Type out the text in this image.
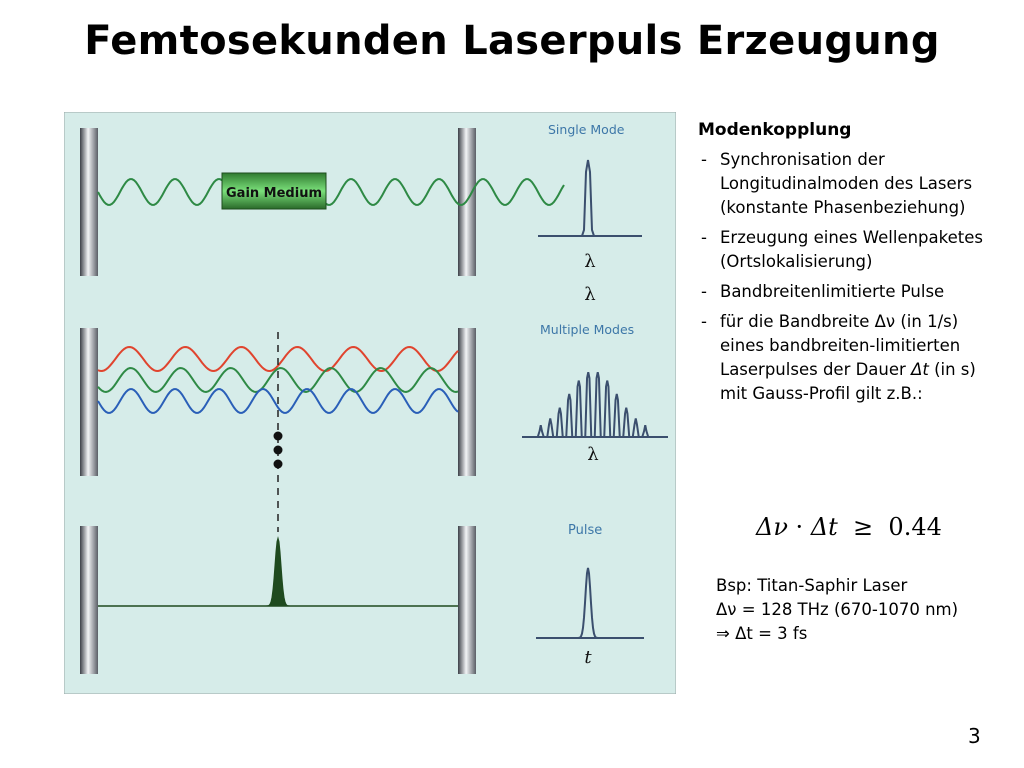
Femtosekunden Laserpuls Erzeugung
Gain Medium
Single Mode
λ
λ
Multiple Modes
λ
Pulse
t
Modenkopplung
- Synchronisation der Longitudinalmoden des Lasers (konstante Phasenbeziehung)
- Erzeugung eines Wellenpaketes (Ortslokalisierung)
- Bandbreitenlimitierte Pulse
- für die Bandbreite Δν (in 1/s) eines bandbreiten-limitierten Laserpulses der Dauer Δt (in s) mit Gauss-Profil gilt z.B.:
Δν · Δt  ≥  0.44
Bsp: Titan-Saphir Laser
Δν = 128 THz (670-1070 nm)
⇒ Δt = 3 fs
3
